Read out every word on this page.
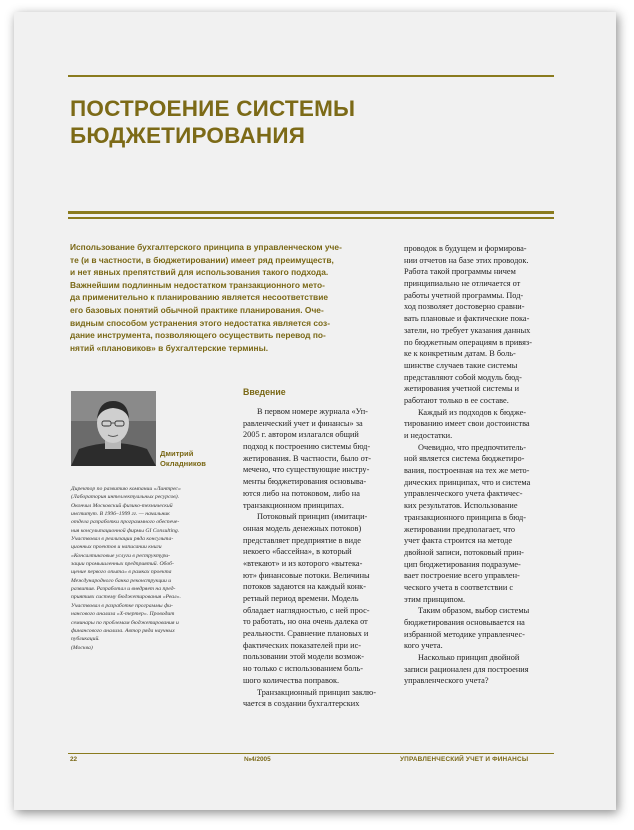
ПОСТРОЕНИЕ СИСТЕМЫ
БЮДЖЕТИРОВАНИЯ
Использование бухгалтерского принципа в управленческом уче-
те (и в частности, в бюджетировании) имеет ряд преимуществ,
и нет явных препятствий для использования такого подхода.
Важнейшим подлинным недостатком транзакционного мето-
да применительно к планированию является несоответствие
его базовых понятий обычной практике планирования. Оче-
видным способом устранения этого недостатка является соз-
дание инструмента, позволяющего осуществить перевод по-
нятий «плановиков» в бухгалтерские термины.
Дмитрий
Окладников
Директор по развитию компании «Линтрес»
(Лаборатория интеллектуальных ресурсов).
Окончил Московский физико-технический
институт. В 1996–1999 гг. — начальник
отдела разработки программного обеспече-
ния консультационной фирмы GI Consulting.
Участвовал в реализации ряда консульта-
ционных проектов и написании книги
«Консалтинговые услуги в реструктури-
зации промышленных предприятий. Обоб-
щение первого опыта» в рамках проекта
Международного банка реконструкции и
развития. Разработал и внедряет на пред-
приятиях систему бюджетирования «Реал».
Участвовал в разработке программы фи-
нансового анализа «Х-тертер». Проводит
семинары по проблемам бюджетирования и
финансового анализа. Автор ряда научных
публикаций.
(Москва)
Введение
В первом номере журнала «Уп-
равленческий учет и финансы» за
2005 г. автором излагался общий
подход к построению системы бюд-
жетирования. В частности, было от-
мечено, что существующие инстру-
менты бюджетирования основыва-
ются либо на потоковом, либо на
транзакционном принципах.
Потоковый принцип (имитаци-
онная модель денежных потоков)
представляет предприятие в виде
некоего «бассейна», в который
«втекают» и из которого «вытека-
ют» финансовые потоки. Величины
потоков задаются на каждый конк-
ретный период времени. Модель
обладает наглядностью, с ней прос-
то работать, но она очень далека от
реальности. Сравнение плановых и
фактических показателей при ис-
пользовании этой модели возмож-
но только с использованием боль-
шого количества поправок.
Транзакционный принцип заклю-
чается в создании бухгалтерских
проводок в будущем и формирова-
нии отчетов на базе этих проводок.
Работа такой программы ничем
принципиально не отличается от
работы учетной программы. Под-
ход позволяет достоверно сравни-
вать плановые и фактические пока-
затели, но требует указания данных
по бюджетным операциям в привяз-
ке к конкретным датам. В боль-
шинстве случаев такие системы
представляют собой модуль бюд-
жетирования учетной системы и
работают только в ее составе.
Каждый из подходов к бюдже-
тированию имеет свои достоинства
и недостатки.
Очевидно, что предпочтитель-
ной является система бюджетиро-
вания, построенная на тех же мето-
дических принципах, что и система
управленческого учета фактичес-
ких результатов. Использование
транзакционного принципа в бюд-
жетировании предполагает, что
учет факта строится на методе
двойной записи, потоковый прин-
цип бюджетирования подразуме-
вает построение всего управлен-
ческого учета в соответствии с
этим принципом.
Таким образом, выбор системы
бюджетирования основывается на
избранной методике управленчес-
кого учета.
Насколько принцип двойной
записи рационален для построения
управленческого учета?
22	№4/2005	УПРАВЛЕНЧЕСКИЙ УЧЕТ И ФИНАНСЫ
